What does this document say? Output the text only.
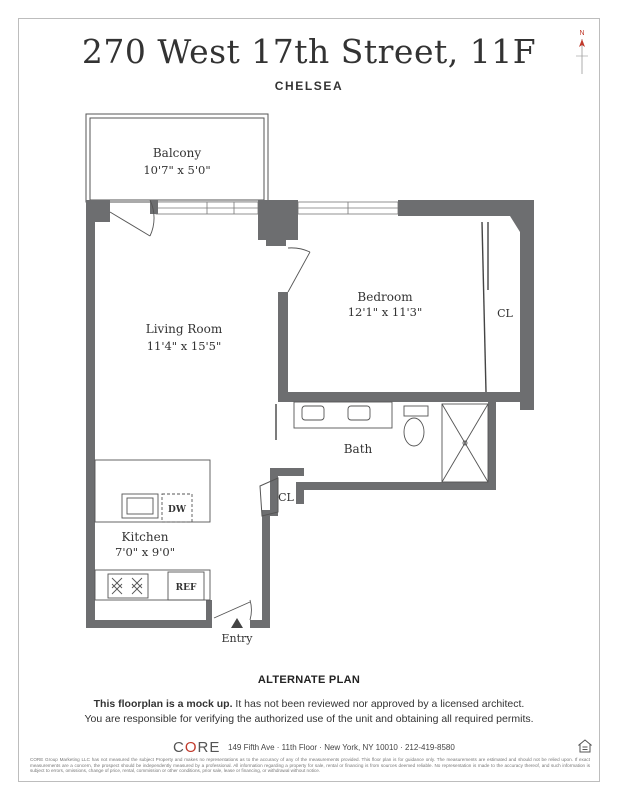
270 West 17th Street, 11F
CHELSEA
N
Balcony
10'7" x 5'0"
Living Room
11'4" x 15'5"
Bedroom
12'1" x 11'3"	CL
Bath
CL
DW
Kitchen
7'0" x 9'0"
REF
Entry
ALTERNATE PLAN
This floorplan is a mock up. It has not been reviewed nor approved by a licensed architect.
You are responsible for verifying the authorized use of the unit and obtaining all required permits.
CORE 149 Fifth Ave · 11th Floor · New York, NY 10010 · 212-419-8580
CORE Group Marketing LLC has not measured the subject Property and makes no representations as to the accuracy of any of the measurements provided. This floor plan is for guidance only. The measurements are estimated and should not be relied upon. If exact measurements are a concern, the prospect should be independently measured by a professional. All information regarding a property for sale, rental or financing is from sources deemed reliable. No representation is made to the accuracy thereof, and such information is subject to errors, omissions, change of price, rental, commission or other conditions, prior sale, lease or financing, or withdrawal without notice.
